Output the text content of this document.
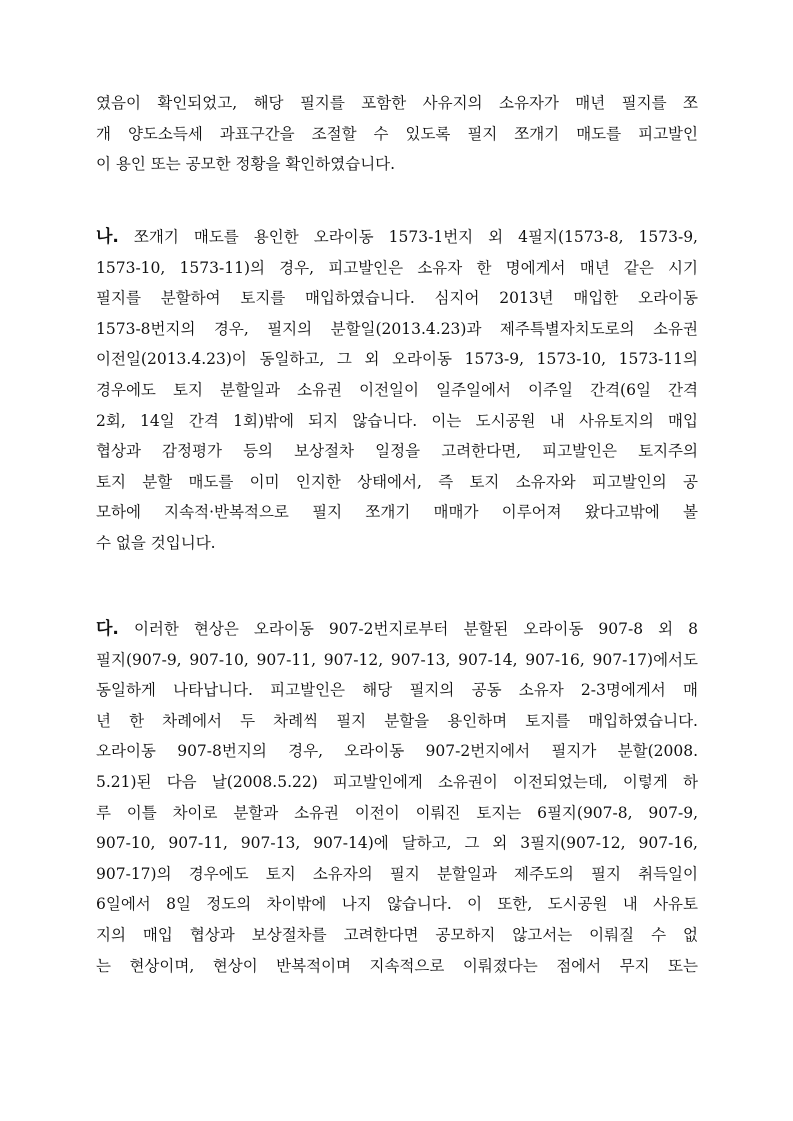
였음이 확인되었고, 해당 필지를 포함한 사유지의 소유자가 매년 필지를 쪼
개 양도소득세 과표구간을 조절할 수 있도록 필지 쪼개기 매도를 피고발인
이 용인 또는 공모한 정황을 확인하였습니다.
나. 쪼개기 매도를 용인한 오라이동 1573-1번지 외 4필지(1573-8, 1573-9,
1573-10, 1573-11)의 경우, 피고발인은 소유자 한 명에게서 매년 같은 시기
필지를 분할하여 토지를 매입하였습니다. 심지어 2013년 매입한 오라이동
1573-8번지의 경우, 필지의 분할일(2013.4.23)과 제주특별자치도로의 소유권
이전일(2013.4.23)이 동일하고, 그 외 오라이동 1573-9, 1573-10, 1573-11의
경우에도 토지 분할일과 소유권 이전일이 일주일에서 이주일 간격(6일 간격
2회, 14일 간격 1회)밖에 되지 않습니다. 이는 도시공원 내 사유토지의 매입
협상과 감정평가 등의 보상절차 일정을 고려한다면, 피고발인은 토지주의
토지 분할 매도를 이미 인지한 상태에서, 즉 토지 소유자와 피고발인의 공
모하에 지속적·반복적으로 필지 쪼개기 매매가 이루어져 왔다고밖에 볼
수 없을 것입니다.
다. 이러한 현상은 오라이동 907-2번지로부터 분할된 오라이동 907-8 외 8
필지(907-9, 907-10, 907-11, 907-12, 907-13, 907-14, 907-16, 907-17)에서도
동일하게 나타납니다. 피고발인은 해당 필지의 공동 소유자 2-3명에게서 매
년 한 차례에서 두 차례씩 필지 분할을 용인하며 토지를 매입하였습니다.
오라이동 907-8번지의 경우, 오라이동 907-2번지에서 필지가 분할(2008.
5.21)된 다음 날(2008.5.22) 피고발인에게 소유권이 이전되었는데, 이렇게 하
루 이틀 차이로 분할과 소유권 이전이 이뤄진 토지는 6필지(907-8, 907-9,
907-10, 907-11, 907-13, 907-14)에 달하고, 그 외 3필지(907-12, 907-16,
907-17)의 경우에도 토지 소유자의 필지 분할일과 제주도의 필지 취득일이
6일에서 8일 정도의 차이밖에 나지 않습니다. 이 또한, 도시공원 내 사유토
지의 매입 협상과 보상절차를 고려한다면 공모하지 않고서는 이뤄질 수 없
는 현상이며, 현상이 반복적이며 지속적으로 이뤄졌다는 점에서 무지 또는
